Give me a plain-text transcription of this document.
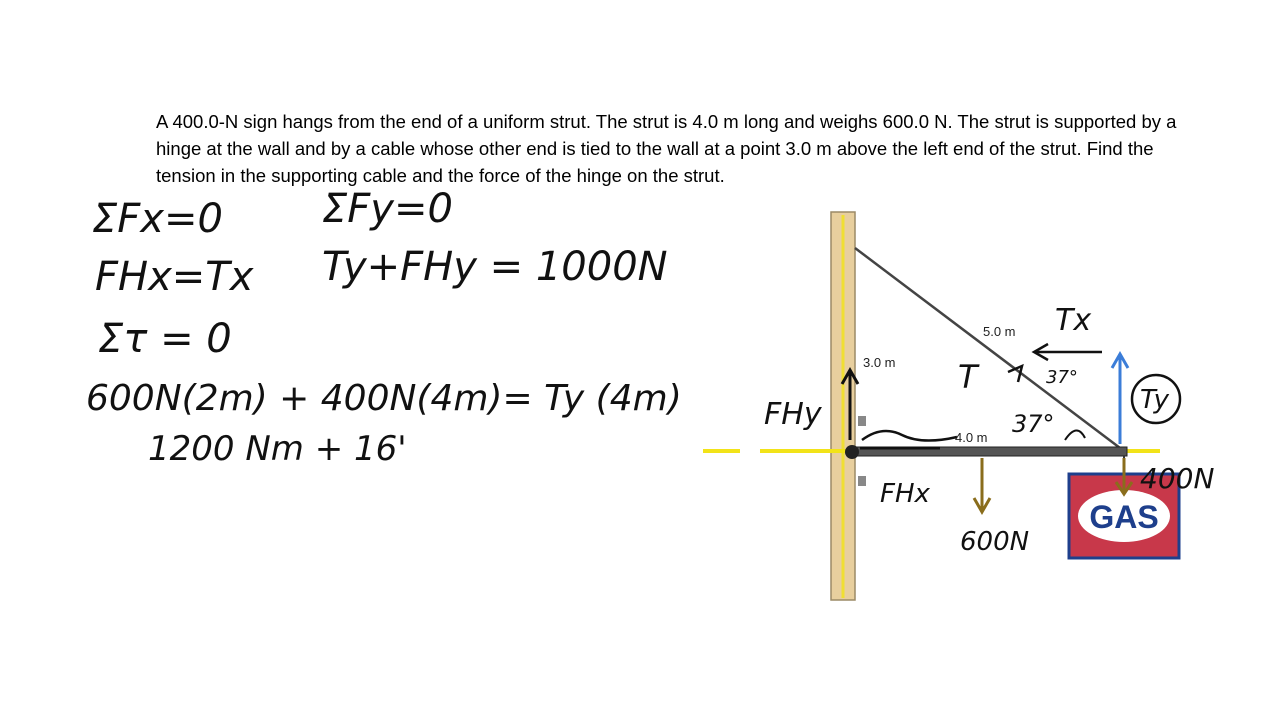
A 400.0-N sign hangs from the end of a uniform strut. The strut is 4.0 m long and weighs 600.0 N. The strut is supported by a hinge at the wall and by a cable whose other end is tied to the wall at a point 3.0 m above the left end of the strut. Find the tension in the supporting cable and the force of the hinge on the strut.
ΣFx=0 ΣFy=0
FHx=Tx Ty+FHy = 1000N
Στ = 0
600N(2m) + 400N(4m)= Ty (4m)
1200 Nm + 16'
GAS
5.0 m
3.0 m
4.0 m
FHy
FHx
600N
400N
Ty
Tx
T	37°
37°
